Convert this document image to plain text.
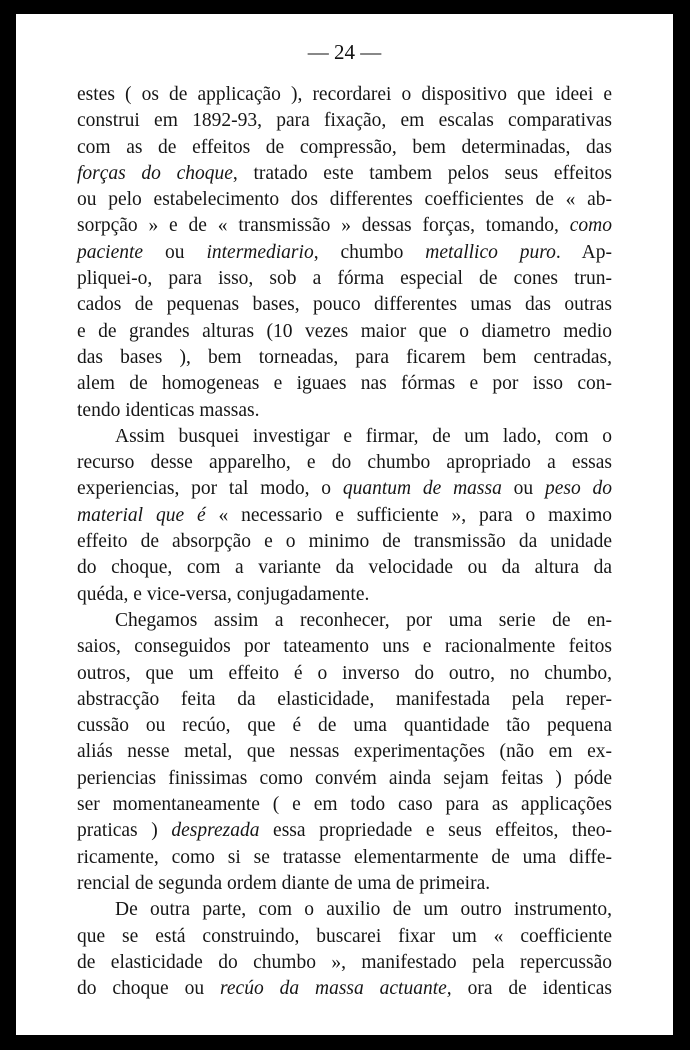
— 24 —
estes ( os de applicação ), recordarei o dispositivo que ideei e
construi em 1892-93, para fixação, em escalas comparativas
com as de effeitos de compressão, bem determinadas, das
forças do choque, tratado este tambem pelos seus effeitos
ou pelo estabelecimento dos differentes coefficientes de « ab-
sorpção » e de « transmissão » dessas forças, tomando, como
paciente ou intermediario, chumbo metallico puro. Ap-
pliquei-o, para isso, sob a fórma especial de cones trun-
cados de pequenas bases, pouco differentes umas das outras
e de grandes alturas (10 vezes maior que o diametro medio
das bases ), bem torneadas, para ficarem bem centradas,
alem de homogeneas e iguaes nas fórmas e por isso con-
tendo identicas massas.
Assim busquei investigar e firmar, de um lado, com o
recurso desse apparelho, e do chumbo apropriado a essas
experiencias, por tal modo, o quantum de massa ou peso do
material que é « necessario e sufficiente », para o maximo
effeito de absorpção e o minimo de transmissão da unidade
do choque, com a variante da velocidade ou da altura da
quéda, e vice-versa, conjugadamente.
Chegamos assim a reconhecer, por uma serie de en-
saios, conseguidos por tateamento uns e racionalmente feitos
outros, que um effeito é o inverso do outro, no chumbo,
abstracção feita da elasticidade, manifestada pela reper-
cussão ou recúo, que é de uma quantidade tão pequena
aliás nesse metal, que nessas experimentações (não em ex-
periencias finissimas como convém ainda sejam feitas ) póde
ser momentaneamente ( e em todo caso para as applicações
praticas ) desprezada essa propriedade e seus effeitos, theo-
ricamente, como si se tratasse elementarmente de uma diffe-
rencial de segunda ordem diante de uma de primeira.
De outra parte, com o auxilio de um outro instrumento,
que se está construindo, buscarei fixar um « coefficiente
de elasticidade do chumbo », manifestado pela repercussão
do choque ou recúo da massa actuante, ora de identicas
